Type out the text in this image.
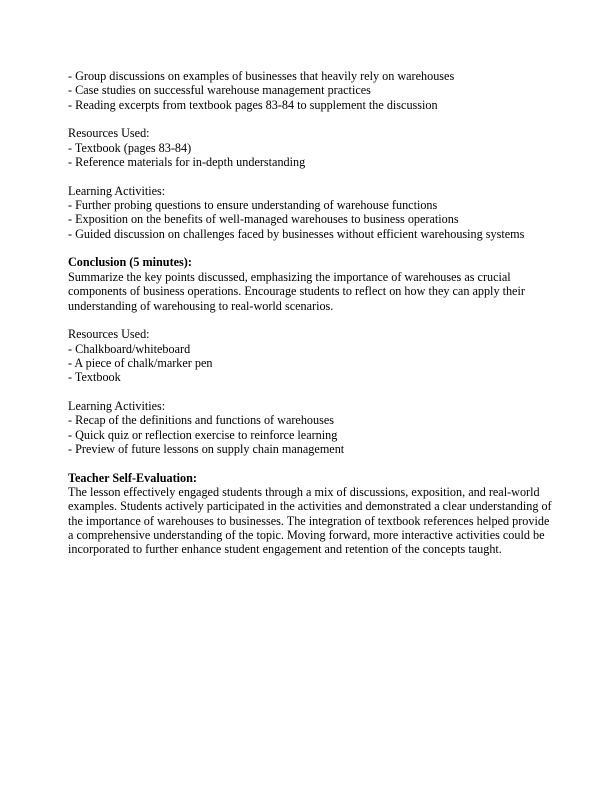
- Group discussions on examples of businesses that heavily rely on warehouses
- Case studies on successful warehouse management practices
- Reading excerpts from textbook pages 83-84 to supplement the discussion
Resources Used:
- Textbook (pages 83-84)
- Reference materials for in-depth understanding
Learning Activities:
- Further probing questions to ensure understanding of warehouse functions
- Exposition on the benefits of well-managed warehouses to business operations
- Guided discussion on challenges faced by businesses without efficient warehousing systems
Conclusion (5 minutes):
Summarize the key points discussed, emphasizing the importance of warehouses as crucial components of business operations. Encourage students to reflect on how they can apply their understanding of warehousing to real-world scenarios.
Resources Used:
- Chalkboard/whiteboard
- A piece of chalk/marker pen
- Textbook
Learning Activities:
- Recap of the definitions and functions of warehouses
- Quick quiz or reflection exercise to reinforce learning
- Preview of future lessons on supply chain management
Teacher Self-Evaluation:
The lesson effectively engaged students through a mix of discussions, exposition, and real-world examples. Students actively participated in the activities and demonstrated a clear understanding of the importance of warehouses to businesses. The integration of textbook references helped provide a comprehensive understanding of the topic. Moving forward, more interactive activities could be incorporated to further enhance student engagement and retention of the concepts taught.
